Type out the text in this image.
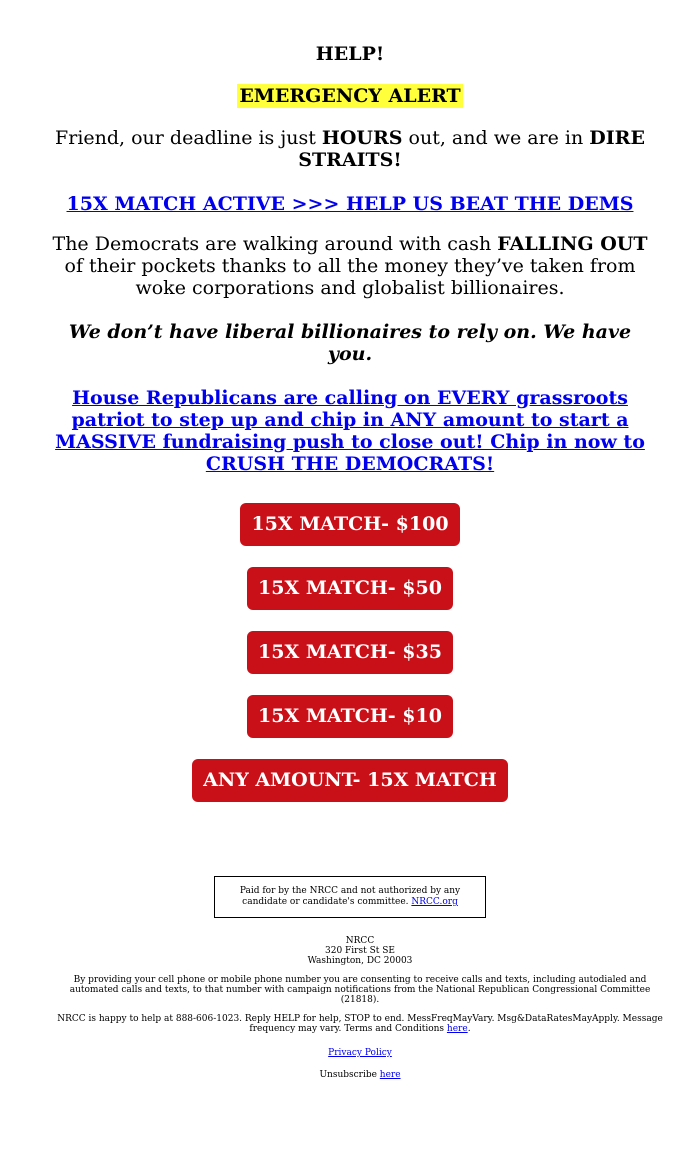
HELP!

EMERGENCY ALERT

Friend, our deadline is just HOURS out, and we are in DIRE STRAITS!

15X MATCH ACTIVE >>> HELP US BEAT THE DEMS

The Democrats are walking around with cash FALLING OUT of their pockets thanks to all the money they’ve taken from woke corporations and globalist billionaires.

We don’t have liberal billionaires to rely on. We have you.

House Republicans are calling on EVERY grassroots patriot to step up and chip in ANY amount to start a MASSIVE fundraising push to close out! Chip in now to CRUSH THE DEMOCRATS!

15X MATCH- $100
15X MATCH- $50
15X MATCH- $35
15X MATCH- $10
ANY AMOUNT- 15X MATCH
Paid for by the NRCC and not authorized by any candidate or candidate's committee. NRCC.org

NRCC

320 First St SE

Washington, DC 20003

By providing your cell phone or mobile phone number you are consenting to receive calls and texts, including autodialed and automated calls and texts, to that number with campaign notifications from the National Republican Congressional Committee (21818).

NRCC is happy to help at 888-606-1023. Reply HELP for help, STOP to end. MessFreqMayVary. Msg&DataRatesMayApply. Message frequency may vary. Terms and Conditions here.

Privacy Policy

Unsubscribe here
